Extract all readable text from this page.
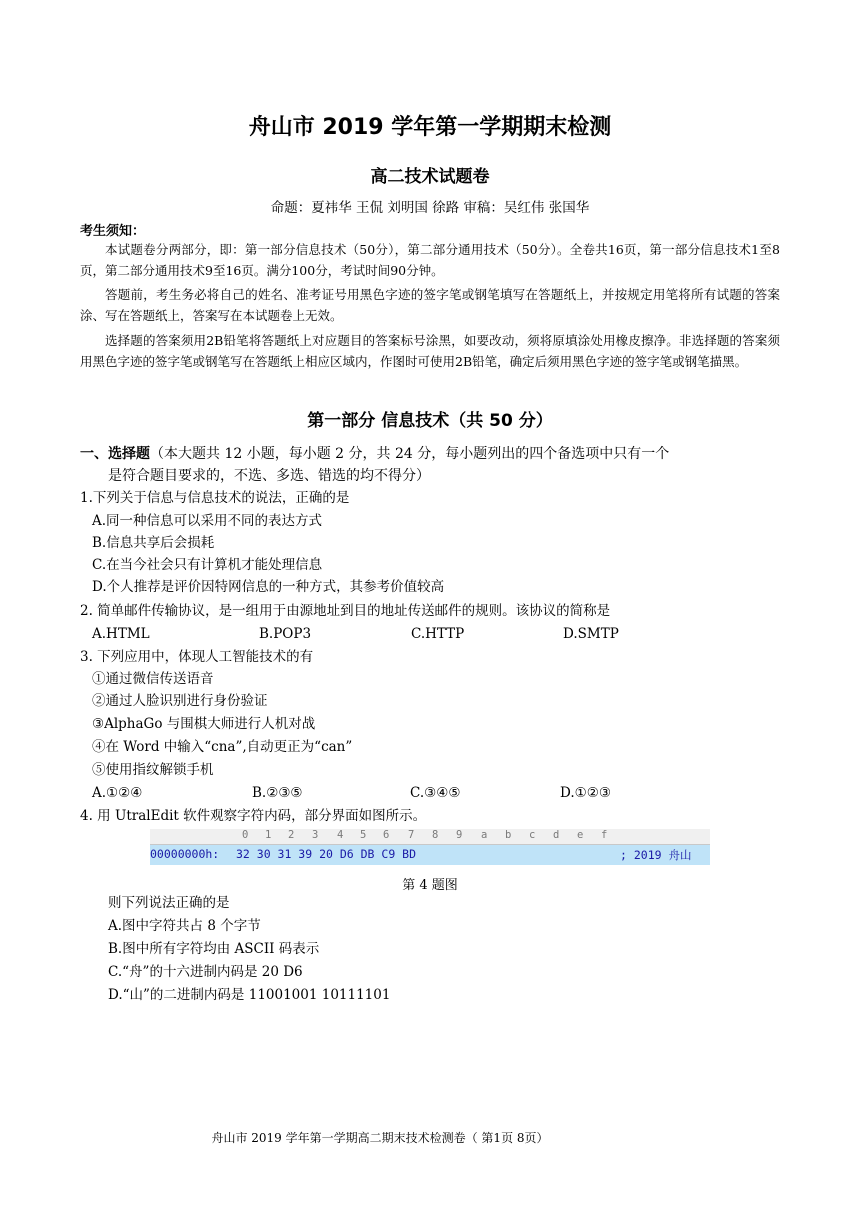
舟山市 2019 学年第一学期期末检测
高二技术试题卷
命题：夏祎华 王侃 刘明国 徐路 审稿：吴红伟 张国华
考生须知：

本试题卷分两部分，即：第一部分信息技术（50分），第二部分通用技术（50分）。全卷共16页，第一部分信息技术1至8页，第二部分通用技术9至16页。满分100分，考试时间90分钟。

答题前，考生务必将自己的姓名、准考证号用黑色字迹的签字笔或钢笔填写在答题纸上，并按规定用笔将所有试题的答案涂、写在答题纸上，答案写在本试题卷上无效。

选择题的答案须用2B铅笔将答题纸上对应题目的答案标号涂黑，如要改动，须将原填涂处用橡皮擦净。非选择题的答案须用黑色字迹的签字笔或钢笔写在答题纸上相应区域内，作图时可使用2B铅笔，确定后须用黑色字迹的签字笔或钢笔描黑。

第一部分 信息技术（共 50 分）
一、选择题（本大题共 12 小题，每小题 2 分，共 24 分，每小题列出的四个备选项中只有一个
是符合题目要求的，不选、多选、错选的均不得分）
1.下列关于信息与信息技术的说法，正确的是
A.同一种信息可以采用不同的表达方式
B.信息共享后会损耗
C.在当今社会只有计算机才能处理信息
D.个人推荐是评价因特网信息的一种方式，其参考价值较高
2. 简单邮件传输协议，是一组用于由源地址到目的地址传送邮件的规则。该协议的简称是
A.HTML	B.POP3	C.HTTP	D.SMTP
3. 下列应用中，体现人工智能技术的有
①通过微信传送语音
②通过人脸识别进行身份验证
③AlphaGo 与围棋大师进行人机对战
④在 Word 中输入“cna”,自动更正为“can”
⑤使用指纹解锁手机
A.①②④	B.②③⑤	C.③④⑤	D.①②③
4. 用 UtralEdit 软件观察字符内码，部分界面如图所示。
0 1 2 3 4 5 6 7 8 9 a b c d e f
00000000h: 32 30 31 39 20 D6 DB C9 BD	; 2019 舟山
第 4 题图
则下列说法正确的是
A.图中字符共占 8 个字节
B.图中所有字符均由 ASCII 码表示
C.“舟”的十六进制内码是 20 D6
D.“山”的二进制内码是 11001001 10111101
舟山市 2019 学年第一学期高二期末技术检测卷（ 第1页 8页）
